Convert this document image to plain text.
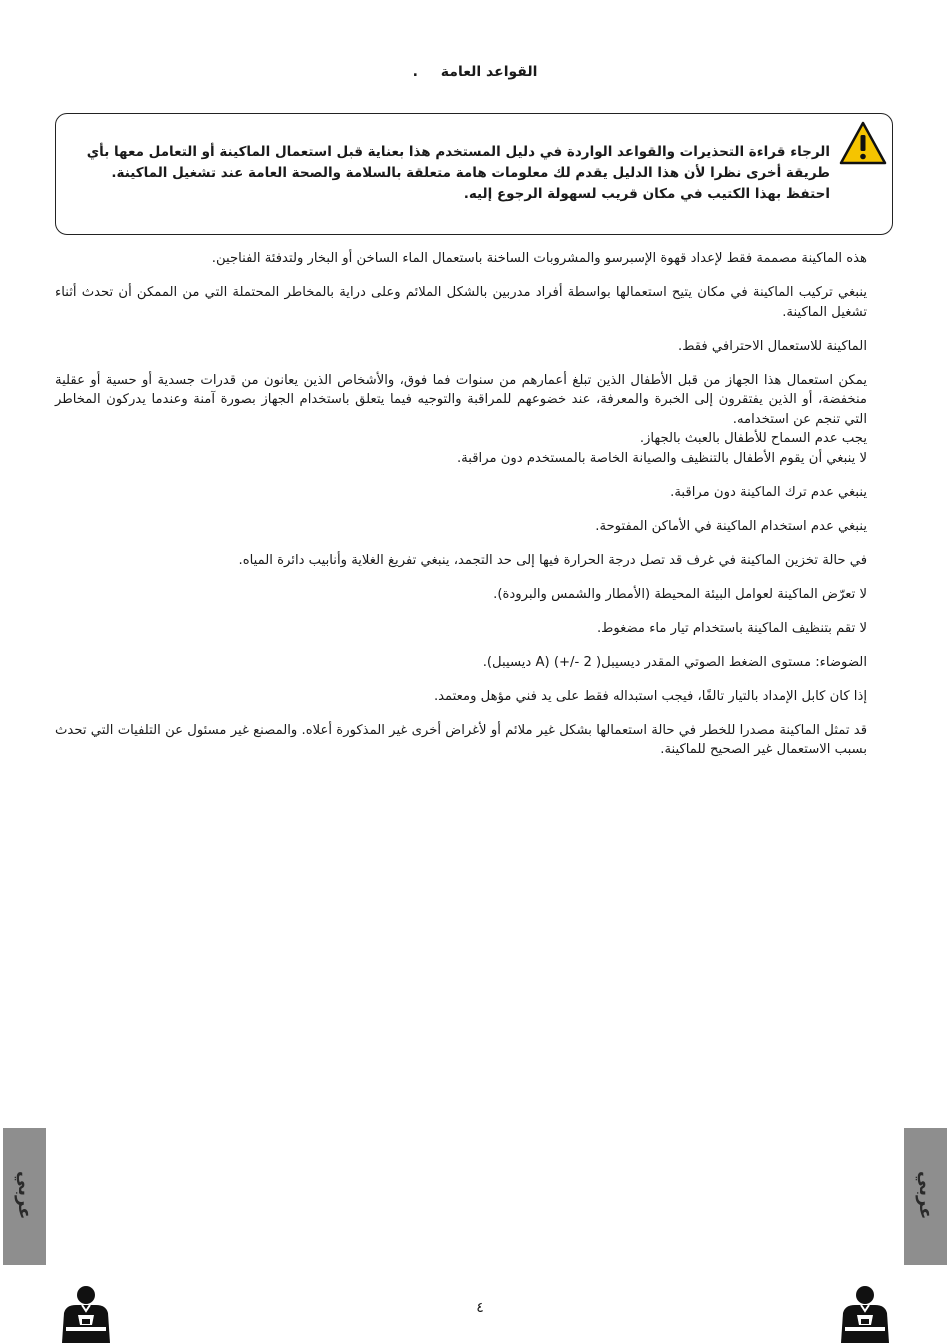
القواعد العامة .
الرجاء قراءة التحذيرات والقواعد الواردة في دليل المستخدم هذا بعناية قبل استعمال الماكينة أو التعامل معها بأي طريقة أخرى نظرا لأن هذا الدليل يقدم لك معلومات هامة متعلقة بالسلامة والصحة العامة عند تشغيل الماكينة.
احتفظ بهذا الكتيب في مكان قريب لسهولة الرجوع إليه.

هذه الماكينة مصممة فقط لإعداد قهوة الإسبرسو والمشروبات الساخنة باستعمال الماء الساخن أو البخار ولتدفئة الفناجين.

ينبغي تركيب الماكينة في مكان يتيح استعمالها بواسطة أفراد مدربين بالشكل الملائم وعلى دراية بالمخاطر المحتملة التي من الممكن أن تحدث أثناء تشغيل الماكينة.

الماكينة للاستعمال الاحترافي فقط.

يمكن استعمال هذا الجهاز من قبل الأطفال الذين تبلغ أعمارهم من سنوات فما فوق، والأشخاص الذين يعانون من قدرات جسدية أو حسية أو عقلية منخفضة، أو الذين يفتقرون إلى الخبرة والمعرفة، عند خضوعهم للمراقبة والتوجيه فيما يتعلق باستخدام الجهاز بصورة آمنة وعندما يدركون المخاطر التي تنجم عن استخدامه.

يجب عدم السماح للأطفال بالعبث بالجهاز.

لا ينبغي أن يقوم الأطفال بالتنظيف والصيانة الخاصة بالمستخدم دون مراقبة.

ينبغي عدم ترك الماكينة دون مراقبة.

ينبغي عدم استخدام الماكينة في الأماكن المفتوحة.

في حالة تخزين الماكينة في غرف قد تصل درجة الحرارة فيها إلى حد التجمد، ينبغي تفريغ الغلاية وأنابيب دائرة المياه.

لا تعرّض الماكينة لعوامل البيئة المحيطة (الأمطار والشمس والبرودة).

لا تقم بتنظيف الماكينة باستخدام تيار ماء مضغوط.

الضوضاء: مستوى الضغط الصوتي المقدر ديسيبل( 2 -/+) (A ديسيبل).

إذا كان كابل الإمداد بالتيار تالفًا، فيجب استبداله فقط على يد فني مؤهل ومعتمد.

قد تمثل الماكينة مصدرا للخطر في حالة استعمالها بشكل غير ملائم أو لأغراض أخرى غير المذكورة أعلاه. والمصنع غير مسئول عن التلفيات التي تحدث بسبب الاستعمال غير الصحيح للماكينة.

عربي	عربي
٤
